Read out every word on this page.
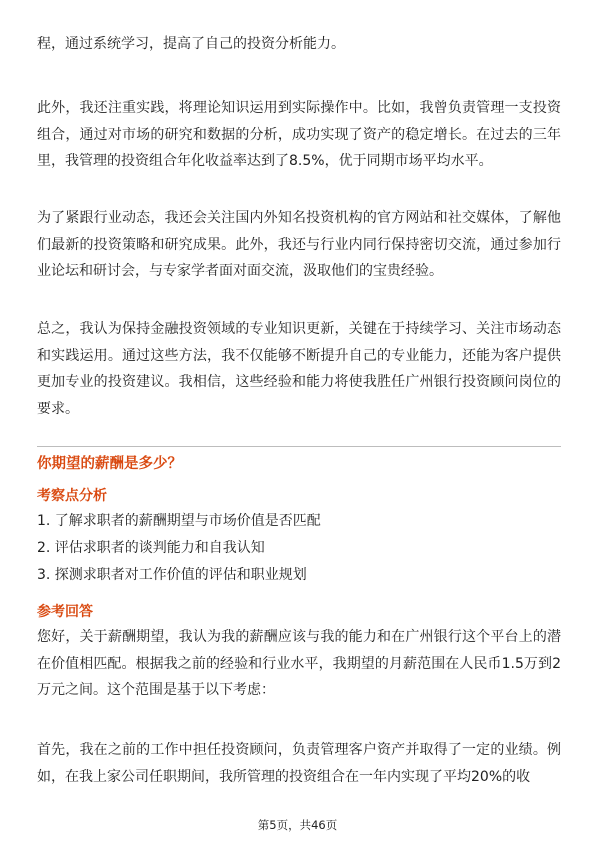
程，通过系统学习，提高了自己的投资分析能力。

此外，我还注重实践，将理论知识运用到实际操作中。比如，我曾负责管理一支投资组合，通过对市场的研究和数据的分析，成功实现了资产的稳定增长。在过去的三年里，我管理的投资组合年化收益率达到了8.5%，优于同期市场平均水平。

为了紧跟行业动态，我还会关注国内外知名投资机构的官方网站和社交媒体，了解他们最新的投资策略和研究成果。此外，我还与行业内同行保持密切交流，通过参加行业论坛和研讨会，与专家学者面对面交流，汲取他们的宝贵经验。

总之，我认为保持金融投资领域的专业知识更新，关键在于持续学习、关注市场动态和实践运用。通过这些方法，我不仅能够不断提升自己的专业能力，还能为客户提供更加专业的投资建议。我相信，这些经验和能力将使我胜任广州银行投资顾问岗位的要求。

你期望的薪酬是多少？

考察点分析

1. 了解求职者的薪酬期望与市场价值是否匹配
2. 评估求职者的谈判能力和自我认知
3. 探测求职者对工作价值的评估和职业规划

参考回答

您好，关于薪酬期望，我认为我的薪酬应该与我的能力和在广州银行这个平台上的潜在价值相匹配。根据我之前的经验和行业水平，我期望的月薪范围在人民币1.5万到2万元之间。这个范围是基于以下考虑：

首先，我在之前的工作中担任投资顾问，负责管理客户资产并取得了一定的业绩。例如，在我上家公司任职期间，我所管理的投资组合在一年内实现了平均20%的收

第5页，共46页
